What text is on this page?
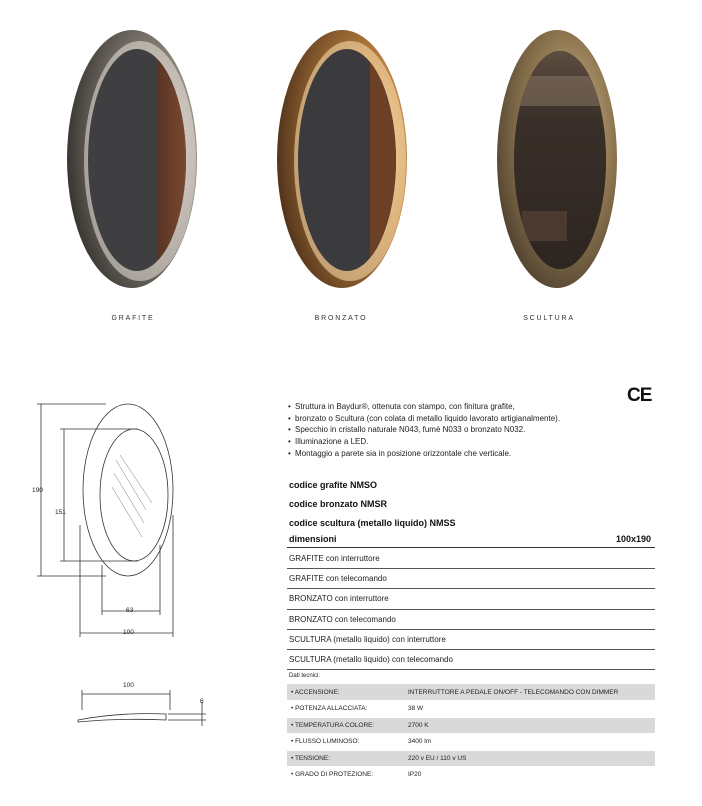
GRAFITE	BRONZATO	SCULTURA
190
151
63
100
100
6
CE
• Struttura in Baydur®, ottenuta con stampo, con finitura grafite,
• bronzato o Scultura (con colata di metallo liquido lavorato artigianalmente).
• Specchio in cristallo naturale N043, fumè N033 o bronzato N032.
• Illuminazione a LED.
• Montaggio a parete sia in posizione orizzontale che verticale.
codice grafite NMSO
codice bronzato NMSR
codice scultura (metallo liquido) NMSS
dimensioni	100x190
GRAFITE con interruttore
GRAFITE con telecomando
BRONZATO con interruttore
BRONZATO con telecomando
SCULTURA (metallo liquido) con interruttore
SCULTURA (metallo liquido) con telecomando
Dati tecnici:
• ACCENSIONE:	INTERRUTTORE A PEDALE ON/OFF - TELECOMANDO CON DIMMER
• POTENZA ALLACCIATA:	38 W
• TEMPERATURA COLORE:	2700 K
• FLUSSO LUMINOSO:	3400 lm
• TENSIONE:	220 v EU / 110 v US
• GRADO DI PROTEZIONE:	IP20
